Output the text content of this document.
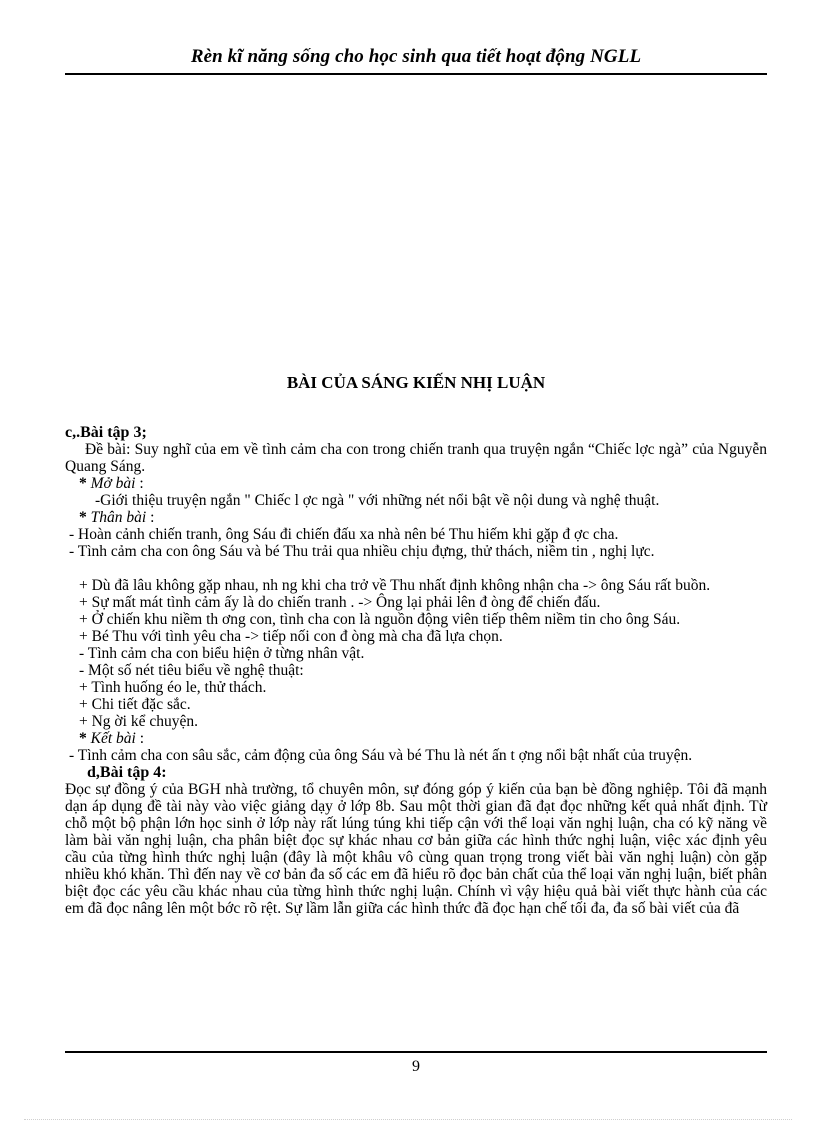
Rèn kĩ năng sống cho học sinh qua tiết hoạt động NGLL
BÀI CỦA SÁNG KIẾN NHỊ LUẬN

c,.Bài tập 3;

Đề bài: Suy nghĩ của em về tình cảm cha con trong chiến tranh qua truyện ngắn “Chiếc lợc ngà” của Nguyễn Quang Sáng.

* Mở bài :

-Giới thiệu truyện ngắn " Chiếc l ợc ngà " với những nét nổi bật về nội dung và nghệ thuật.

* Thân bài :

- Hoàn cảnh chiến tranh, ông Sáu đi chiến đấu xa nhà nên bé Thu hiếm khi gặp đ ợc cha.

- Tình cảm cha con ông Sáu và bé Thu trải qua nhiều chịu đựng, thử thách, niềm tin , nghị lực.

+ Dù đã lâu không gặp nhau, nh ng khi cha trở về Thu nhất định không nhận cha -> ông Sáu rất buồn.

+ Sự mất mát tình cảm ấy là do chiến tranh . -> Ông lại phải lên đ òng để chiến đấu.

+ Ở chiến khu niềm th ơng con, tình cha con là nguồn động viên tiếp thêm niềm tin cho ông Sáu.

+ Bé Thu với tình yêu cha -> tiếp nối con đ òng mà cha đã lựa chọn.

- Tình cảm cha con biểu hiện ở từng nhân vật.

- Một số nét tiêu biểu về nghệ thuật:

+ Tình huống éo le, thử thách.

+ Chi tiết đặc sắc.

+ Ng ời kể chuyện.

* Kết bài :

- Tình cảm cha con sâu sắc, cảm động của ông Sáu và bé Thu là nét ấn t ợng nổi bật nhất của truyện.

d,Bài tập 4:

Đọc sự đồng ý của BGH nhà trường, tổ chuyên môn, sự đóng góp ý kiến của bạn bè đồng nghiệp. Tôi đã mạnh dạn áp dụng đề tài này vào việc giảng dạy ở lớp 8b. Sau một thời gian đã đạt đọc những kết quả nhất định. Từ chỗ một bộ phận lớn học sinh ở lớp này rất lúng túng khi tiếp cận với thể loại văn nghị luận, cha có kỹ năng về làm bài văn nghị luận, cha phân biệt đọc sự khác nhau cơ bản giữa các hình thức nghị luận, việc xác định yêu cầu của từng hình thức nghị luận (đây là một khâu vô cùng quan trọng trong viết bài văn nghị luận) còn gặp nhiều khó khăn. Thì đến nay về cơ bản đa số các em đã hiểu rõ đọc bản chất của thể loại văn nghị luận, biết phân biệt đọc các yêu cầu khác nhau của từng hình thức nghị luận. Chính vì vậy hiệu quả bài viết thực hành của các em đã đọc nâng lên một bớc rõ rệt. Sự lầm lẫn giữa các hình thức đã đọc hạn chế tối đa, đa số bài viết của đã

9
